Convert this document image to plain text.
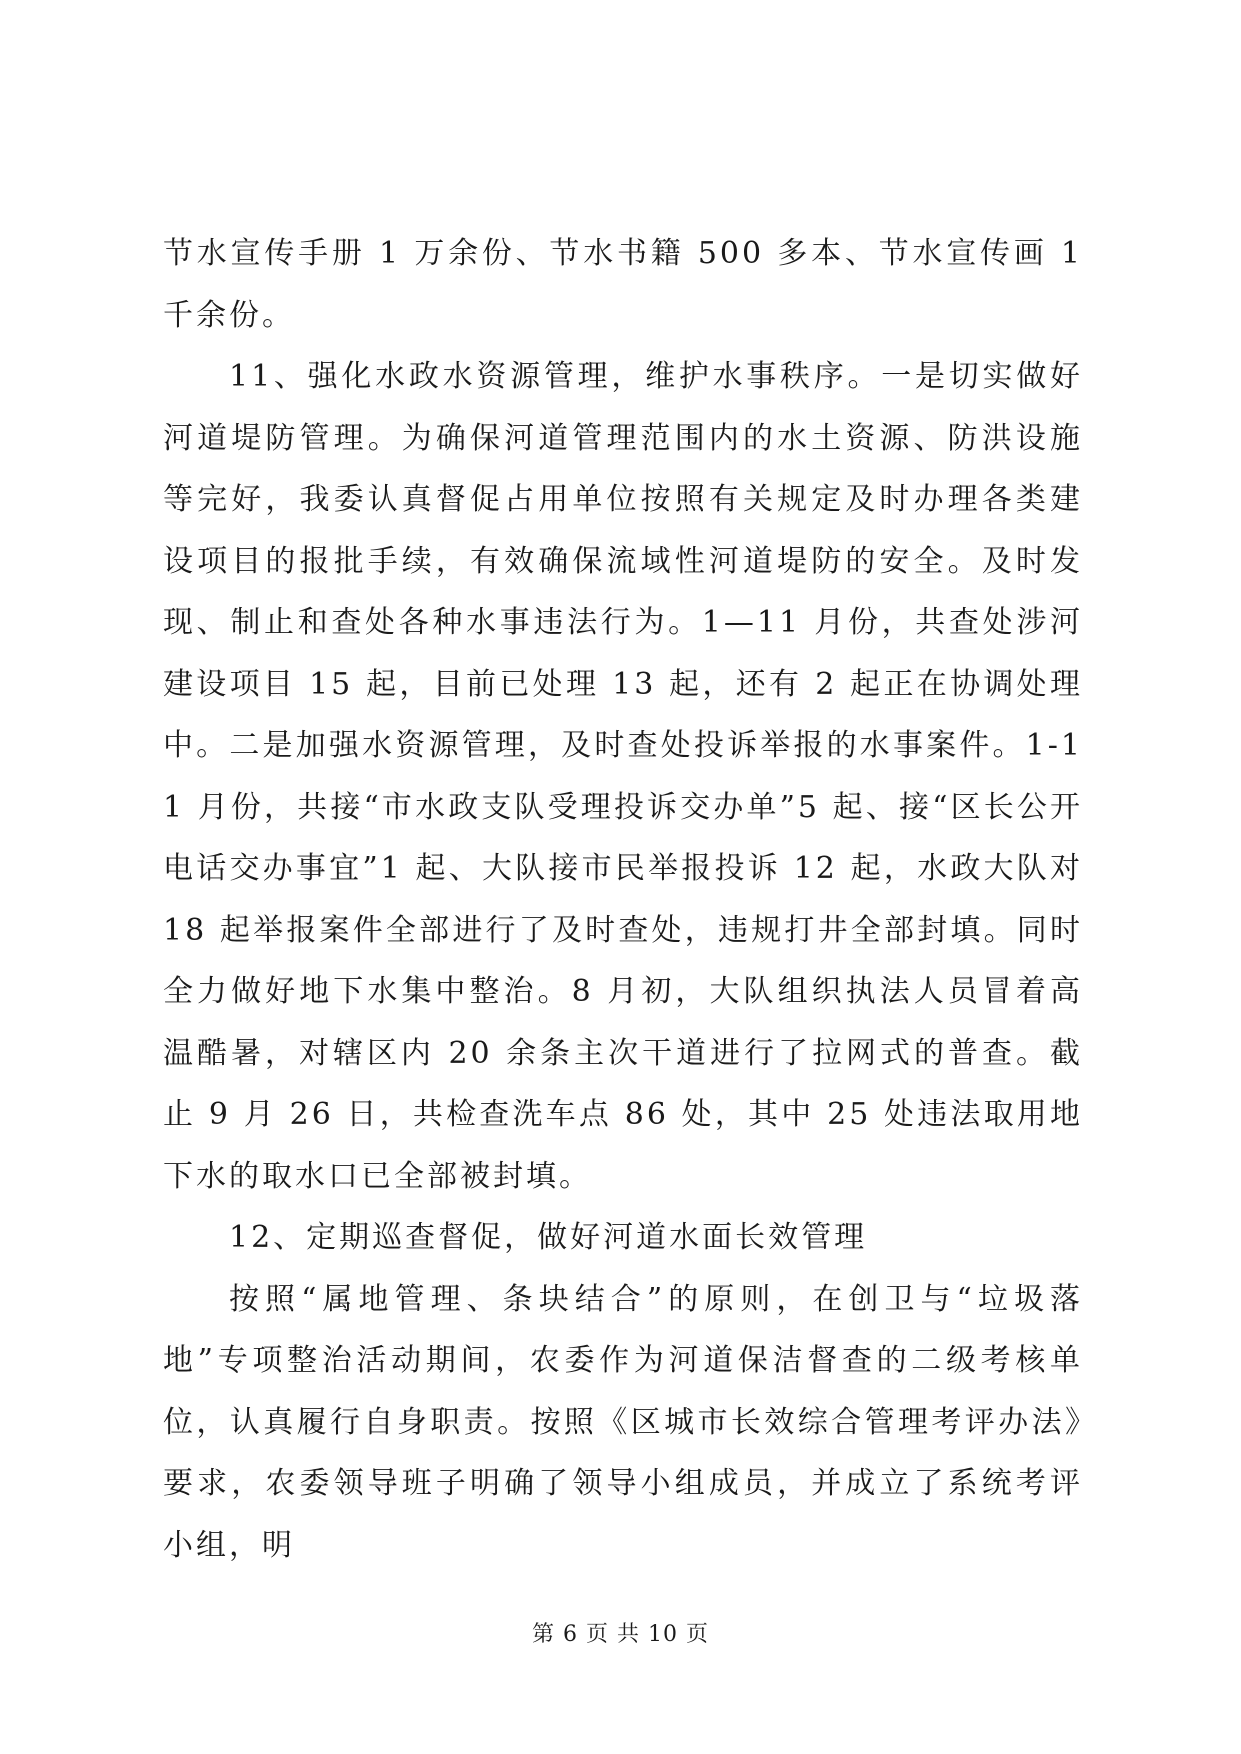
节水宣传手册 1 万余份、节水书籍 500 多本、节水宣传画 1 千余份。

11、强化水政水资源管理，维护水事秩序。一是切实做好河道堤防管理。为确保河道管理范围内的水土资源、防洪设施等完好，我委认真督促占用单位按照有关规定及时办理各类建设项目的报批手续，有效确保流域性河道堤防的安全。及时发现、制止和查处各种水事违法行为。1—11 月份，共查处涉河建设项目 15 起，目前已处理 13 起，还有 2 起正在协调处理中。二是加强水资源管理，及时查处投诉举报的水事案件。1-11 月份，共接“市水政支队受理投诉交办单”5 起、接“区长公开电话交办事宜”1 起、大队接市民举报投诉 12 起，水政大队对 18 起举报案件全部进行了及时查处，违规打井全部封填。同时全力做好地下水集中整治。8 月初，大队组织执法人员冒着高温酷暑，对辖区内 20 余条主次干道进行了拉网式的普查。截止 9 月 26 日，共检查洗车点 86 处，其中 25 处违法取用地下水的取水口已全部被封填。

12、定期巡查督促，做好河道水面长效管理

按照“属地管理、条块结合”的原则，在创卫与“垃圾落地”专项整治活动期间，农委作为河道保洁督查的二级考核单位，认真履行自身职责。按照《区城市长效综合管理考评办法》要求，农委领导班子明确了领导小组成员，并成立了系统考评小组，明

第 6 页 共 10 页
